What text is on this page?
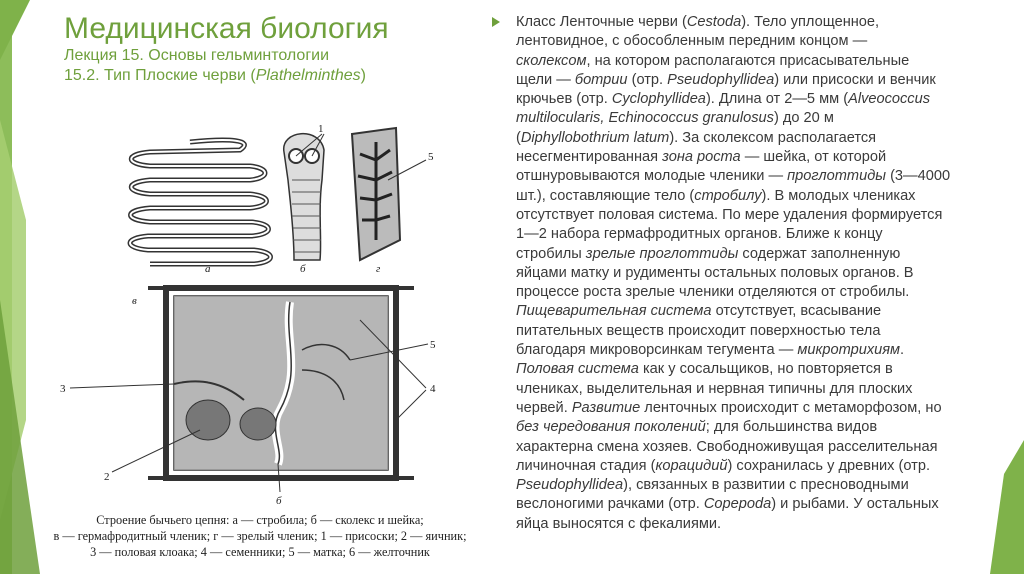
Медицинская биология
Лекция 15. Основы гельминтологии
15.2. Тип Плоские черви (Plathelminthes)
а
1
б
5
г
в
3
2
5
4
б
Строение бычьего цепня: а — стробила; б — сколекс и шейка;
в — гермафродитный членик; г — зрелый членик; 1 — присоски; 2 — яичник;
3 — половая клоака; 4 — семенники; 5 — матка; 6 — желточник
Класс Ленточные черви (Cestoda). Тело уплощенное,
лентовидное, с обособленным передним концом —
сколексом, на котором располагаются присасывательные
щели — ботрии (отр. Pseudophyllidea) или присоски и венчик
крючьев (отр. Cyclophyllidea). Длина от 2—5 мм (Alveococcus
multilocularis, Echinococcus granulosus) до 20 м
(Diphyllobothrium latum). За сколексом располагается
несегментированная зона роста — шейка, от которой
отшнуровываются молодые членики — проглоттиды (3—4000
шт.), составляющие тело (стробилу). В молодых члениках
отсутствует половая система. По мере удаления формируется
1—2 набора гермафродитных органов. Ближе к концу
стробилы зрелые проглоттиды содержат заполненную
яйцами матку и рудименты остальных половых органов. В
процессе роста зрелые членики отделяются от стробилы.
Пищеварительная система отсутствует, всасывание
питательных веществ происходит поверхностью тела
благодаря микроворсинкам тегумента — микротрихиям.
Половая система как у сосальщиков, но повторяется в
члениках, выделительная и нервная типичны для плоских
червей. Развитие ленточных происходит с метаморфозом, но
без чередования поколений; для большинства видов
характерна смена хозяев. Свободноживущая расселительная
личиночная стадия (корацидий) сохранилась у древних (отр.
Pseudophyllidea), связанных в развитии с пресноводными
веслоногими рачками (отр. Copepoda) и рыбами. У остальных
яйца выносятся с фекалиями.
